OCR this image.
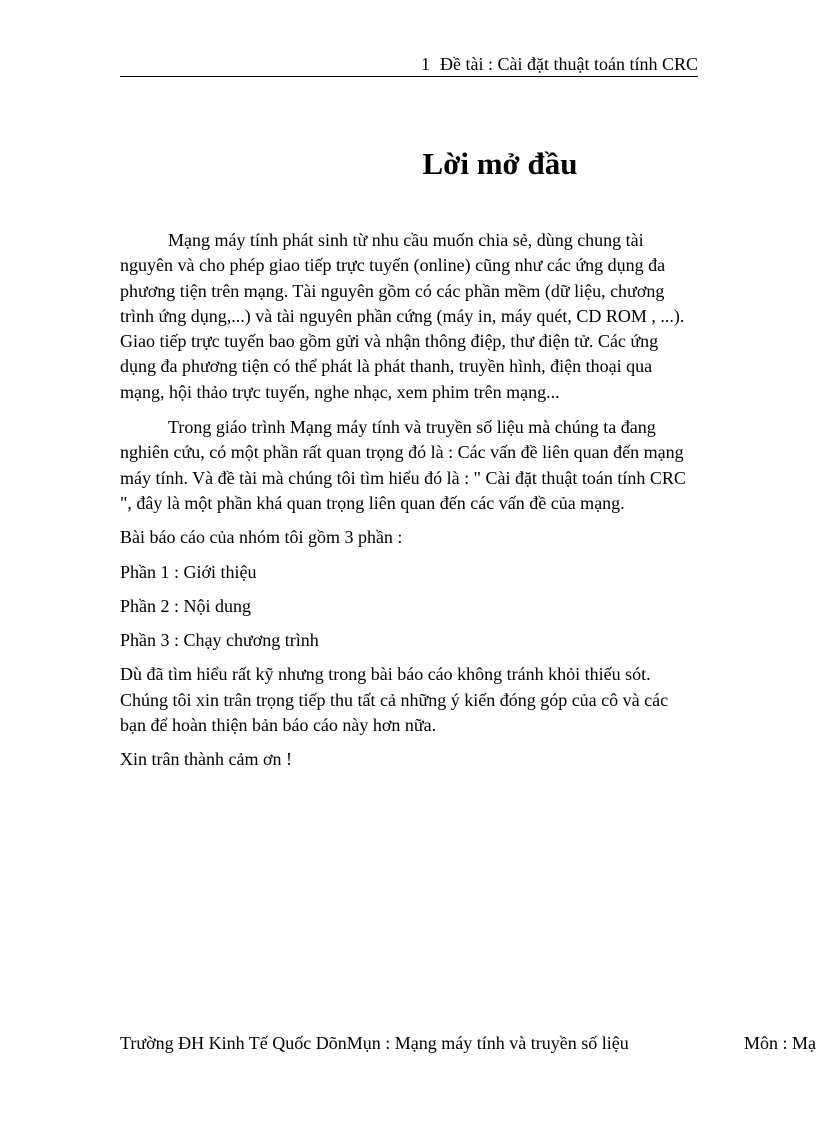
1 Đề tài : Cài đặt thuật toán tính CRC
Lời mở đầu

Mạng máy tính phát sinh từ nhu cầu muốn chia sẻ, dùng chung tài nguyên và cho phép giao tiếp trực tuyến (online) cũng như các ứng dụng đa phương tiện trên mạng. Tài nguyên gồm có các phần mềm (dữ liệu, chương trình ứng dụng,...) và tài nguyên phần cứng (máy in, máy quét, CD ROM , ...). Giao tiếp trực tuyến bao gồm gửi và nhận thông điệp, thư điện tử. Các ứng dụng đa phương tiện có thể phát là phát thanh, truyền hình, điện thoại qua mạng, hội thảo trực tuyến, nghe nhạc, xem phim trên mạng...

Trong giáo trình Mạng máy tính và truyền số liệu mà chúng ta đang nghiên cứu, có một phần rất quan trọng đó là : Các vấn đề liên quan đến mạng máy tính. Và đề tài mà chúng tôi tìm hiểu đó là : " Cài đặt thuật toán tính CRC ", đây là một phần khá quan trọng liên quan đến các vấn đề của mạng.

Bài báo cáo của nhóm tôi gồm 3 phần :

Phần 1 : Giới thiệu

Phần 2 : Nội dung

Phần 3 : Chạy chương trình

Dù đã tìm hiểu rất kỹ nhưng trong bài báo cáo không tránh khỏi thiếu sót. Chúng tôi xin trân trọng tiếp thu tất cả những ý kiến đóng góp của cô và các bạn để hoàn thiện bản báo cáo này hơn nữa.

Xin trân thành cảm ơn !

Trường ĐH Kinh Tế Quốc DõnMụn : Mạng máy tính và truyền số liệu	Môn : Mạ
